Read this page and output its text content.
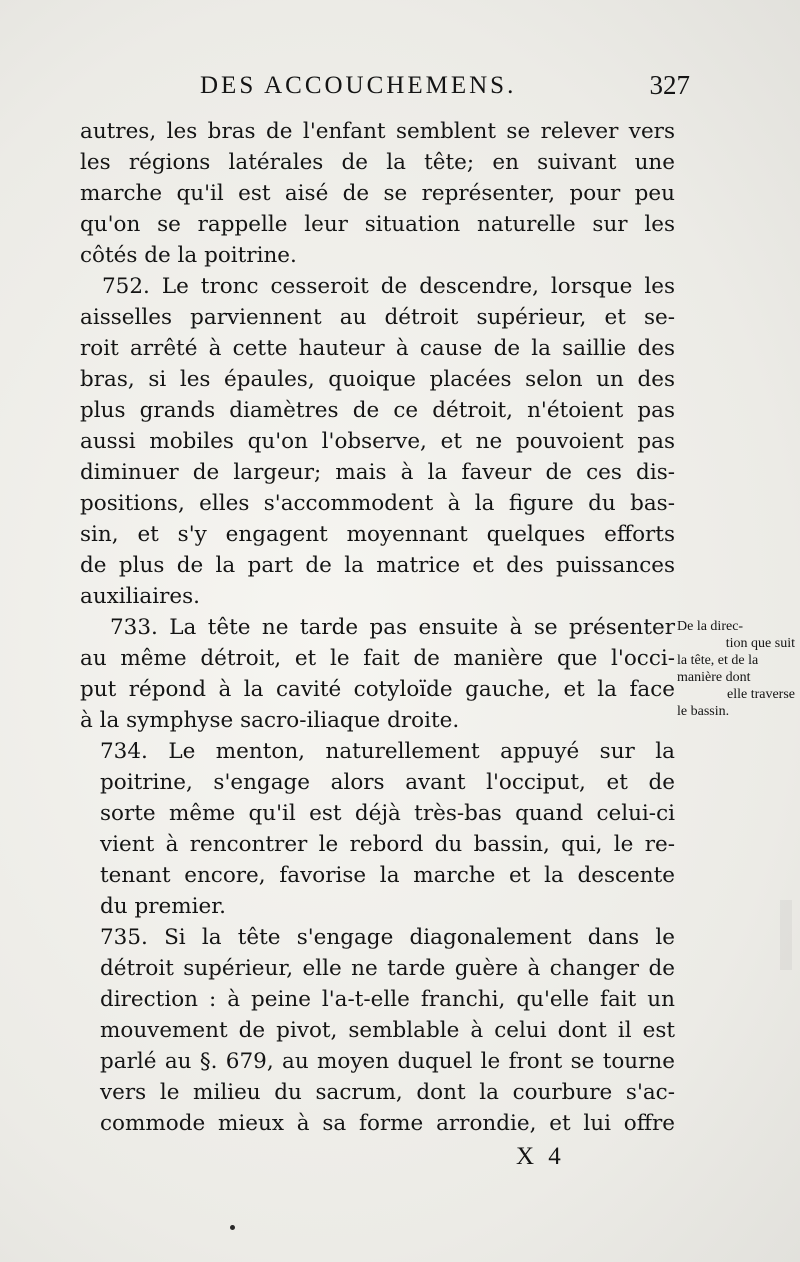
DES ACCOUCHEMENS.	327
autres, les bras de l'enfant semblent se relever vers
les régions latérales de la tête; en suivant une
marche qu'il est aisé de se représenter, pour peu
qu'on se rappelle leur situation naturelle sur les
côtés de la poitrine.
752. Le tronc cesseroit de descendre, lorsque les
aisselles parviennent au détroit supérieur, et se-
roit arrêté à cette hauteur à cause de la saillie des
bras, si les épaules, quoique placées selon un des
plus grands diamètres de ce détroit, n'étoient pas
aussi mobiles qu'on l'observe, et ne pouvoient pas
diminuer de largeur; mais à la faveur de ces dis-
positions, elles s'accommodent à la figure du bas-
sin, et s'y engagent moyennant quelques efforts
de plus de la part de la matrice et des puissances
auxiliaires.
733. La tête ne tarde pas ensuite à se présenter
au même détroit, et le fait de manière que l'occi-
put répond à la cavité cotyloïde gauche, et la face
à la symphyse sacro-iliaque droite.
734. Le menton, naturellement appuyé sur la
poitrine, s'engage alors avant l'occiput, et de
sorte même qu'il est déjà très-bas quand celui-ci
vient à rencontrer le rebord du bassin, qui, le re-
tenant encore, favorise la marche et la descente
du premier.
735. Si la tête s'engage diagonalement dans le
détroit supérieur, elle ne tarde guère à changer de
direction : à peine l'a-t-elle franchi, qu'elle fait un
mouvement de pivot, semblable à celui dont il est
parlé au §. 679, au moyen duquel le front se tourne
vers le milieu du sacrum, dont la courbure s'ac-
commode mieux à sa forme arrondie, et lui offre
De la direc-
tion que suit
la tête, et de la
manière dont
elle traverse
le bassin.
X 4
